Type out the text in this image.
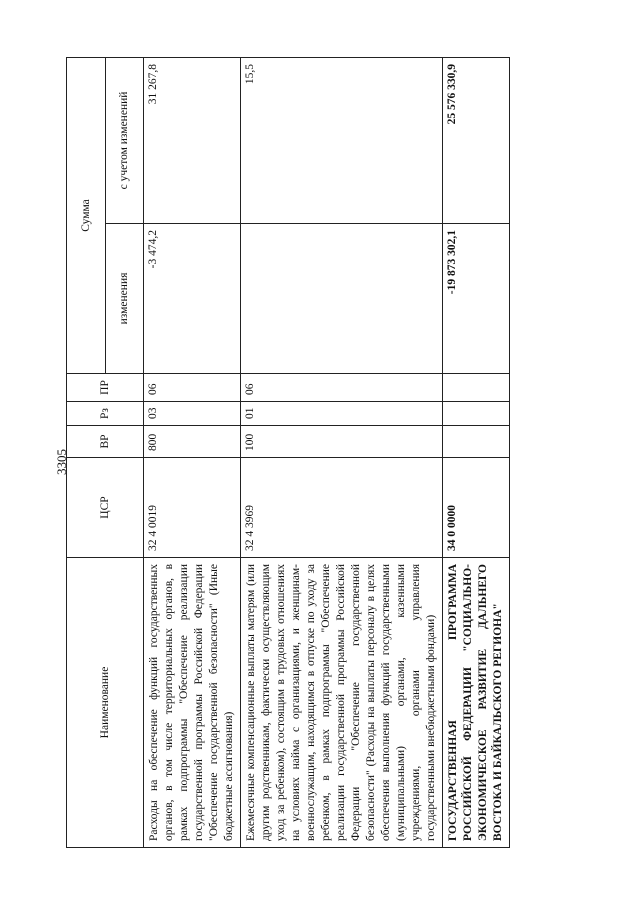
3305
Наименование	ЦСР	ВР	Рз	ПР	Сумма	
					изменения	с учетом изменений
Расходы на обеспечение функций государственных органов, в том числе территориальных органов, в рамках подпрограммы "Обеспечение реализации государственной программы Российской Федерации "Обеспечение государственной безопасности" (Иные бюджетные ассигнования)	32 4 0019	800	03	06	-3 474,2	31 267,8
Ежемесячные компенсационные выплаты матерям (или другим родственникам, фактически осуществляющим уход за ребенком), состоящим в трудовых отношениях на условиях найма с организациями, и женщинам-военнослужащим, находящимся в отпуске по уходу за ребенком, в рамках подпрограммы "Обеспечение реализации государственной программы Российской Федерации "Обеспечение государственной безопасности" (Расходы на выплаты персоналу в целях обеспечения выполнения функций государственными (муниципальными) органами, казенными учреждениями, органами управления государственными внебюджетными фондами)	32 4 3969	100	01	06		15,5
ГОСУДАРСТВЕННАЯ ПРОГРАММА РОССИЙСКОЙ ФЕДЕРАЦИИ "СОЦИАЛЬНО-ЭКОНОМИЧЕСКОЕ РАЗВИТИЕ ДАЛЬНЕГО ВОСТОКА И БАЙКАЛЬСКОГО РЕГИОНА"	34 0 0000				-19 873 302,1	25 576 330,9
